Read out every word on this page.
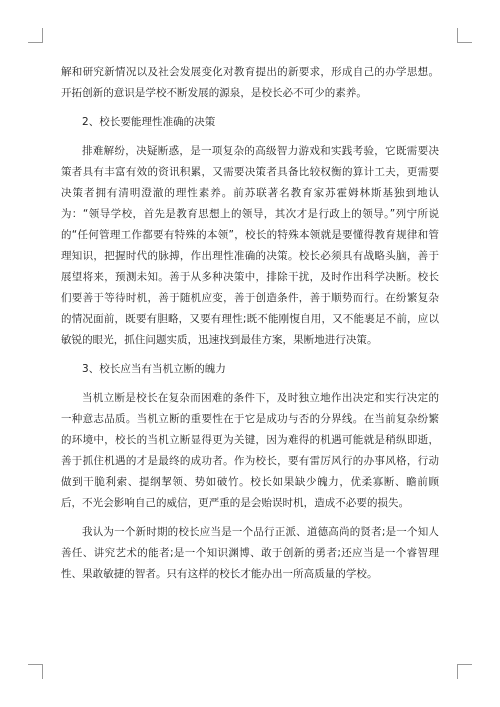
解和研究新情况以及社会发展变化对教育提出的新要求，形成自己的办学思想。开拓创新的意识是学校不断发展的源泉，是校长必不可少的素养。

2、校长要能理性准确的决策

排难解纷，决疑断惑，是一项复杂的高级智力游戏和实践考验，它既需要决策者具有丰富有效的资讯积累，又需要决策者具备比较权衡的算计工夫，更需要决策者拥有清明澄澈的理性素养。前苏联著名教育家苏霍姆林斯基独到地认为：“领导学校，首先是教育思想上的领导，其次才是行政上的领导。”列宁所说的“任何管理工作都要有特殊的本领”，校长的特殊本领就是要懂得教育规律和管理知识，把握时代的脉搏，作出理性准确的决策。校长必须具有战略头脑，善于展望将来，预测未知。善于从多种决策中，排除干扰，及时作出科学决断。校长们要善于等待时机，善于随机应变，善于创造条件，善于顺势而行。在纷繁复杂的情况面前，既要有胆略，又要有理性;既不能刚愎自用，又不能裹足不前，应以敏锐的眼光，抓住问题实质，迅速找到最佳方案，果断地进行决策。

3、校长应当有当机立断的魄力

当机立断是校长在复杂而困难的条件下，及时独立地作出决定和实行决定的一种意志品质。当机立断的重要性在于它是成功与否的分界线。在当前复杂纷繁的环境中，校长的当机立断显得更为关键，因为难得的机遇可能就是稍纵即逝，善于抓住机遇的才是最终的成功者。作为校长，要有雷厉风行的办事风格，行动做到干脆利索、提纲挈领、势如破竹。校长如果缺少魄力，优柔寡断、瞻前顾后，不光会影响自己的威信，更严重的是会贻误时机，造成不必要的损失。

我认为一个新时期的校长应当是一个品行正派、道德高尚的贤者;是一个知人善任、讲究艺术的能者;是一个知识渊博、敢于创新的勇者;还应当是一个睿智理性、果敢敏捷的智者。只有这样的校长才能办出一所高质量的学校。
